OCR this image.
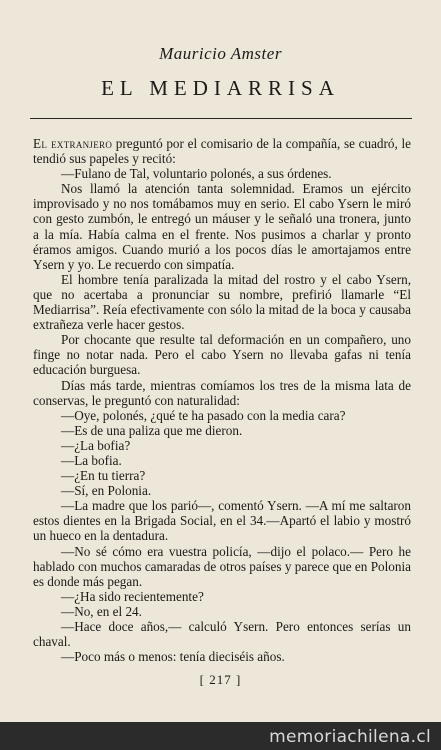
Mauricio Amster
EL MEDIARRISA

El extranjero preguntó por el comisario de la compañía, se cuadró, le tendió sus papeles y recitó:

—Fulano de Tal, voluntario polonés, a sus órdenes.

Nos llamó la atención tanta solemnidad. Eramos un ejército improvisado y no nos tomábamos muy en serio. El cabo Ysern le miró con gesto zumbón, le entregó un máuser y le señaló una tronera, junto a la mía. Había calma en el frente. Nos pusimos a charlar y pronto éramos amigos. Cuando murió a los pocos días le amortajamos entre Ysern y yo. Le recuerdo con simpatía.

El hombre tenía paralizada la mitad del rostro y el cabo Ysern, que no acertaba a pronunciar su nombre, prefirió llamarle “El Mediarrisa”. Reía efectivamente con sólo la mitad de la boca y causaba extrañeza verle hacer gestos.

Por chocante que resulte tal deformación en un compañero, uno finge no notar nada. Pero el cabo Ysern no llevaba gafas ni tenía educación burguesa.

Días más tarde, mientras comíamos los tres de la misma lata de conservas, le preguntó con naturalidad:

—Oye, polonés, ¿qué te ha pasado con la media cara?

—Es de una paliza que me dieron.

—¿La bofia?

—La bofia.

—¿En tu tierra?

—Sí, en Polonia.

—La madre que los parió—, comentó Ysern. —A mí me saltaron estos dientes en la Brigada Social, en el 34.—Apartó el labio y mostró un hueco en la dentadura.

—No sé cómo era vuestra policía, —dijo el polaco.— Pero he hablado con muchos camaradas de otros países y parece que en Polonia es donde más pegan.

—¿Ha sido recientemente?

—No, en el 24.

—Hace doce años,— calculó Ysern. Pero entonces serías un chaval.

—Poco más o menos: tenía dieciséis años.

[ 217 ]
memoriachilena.cl
